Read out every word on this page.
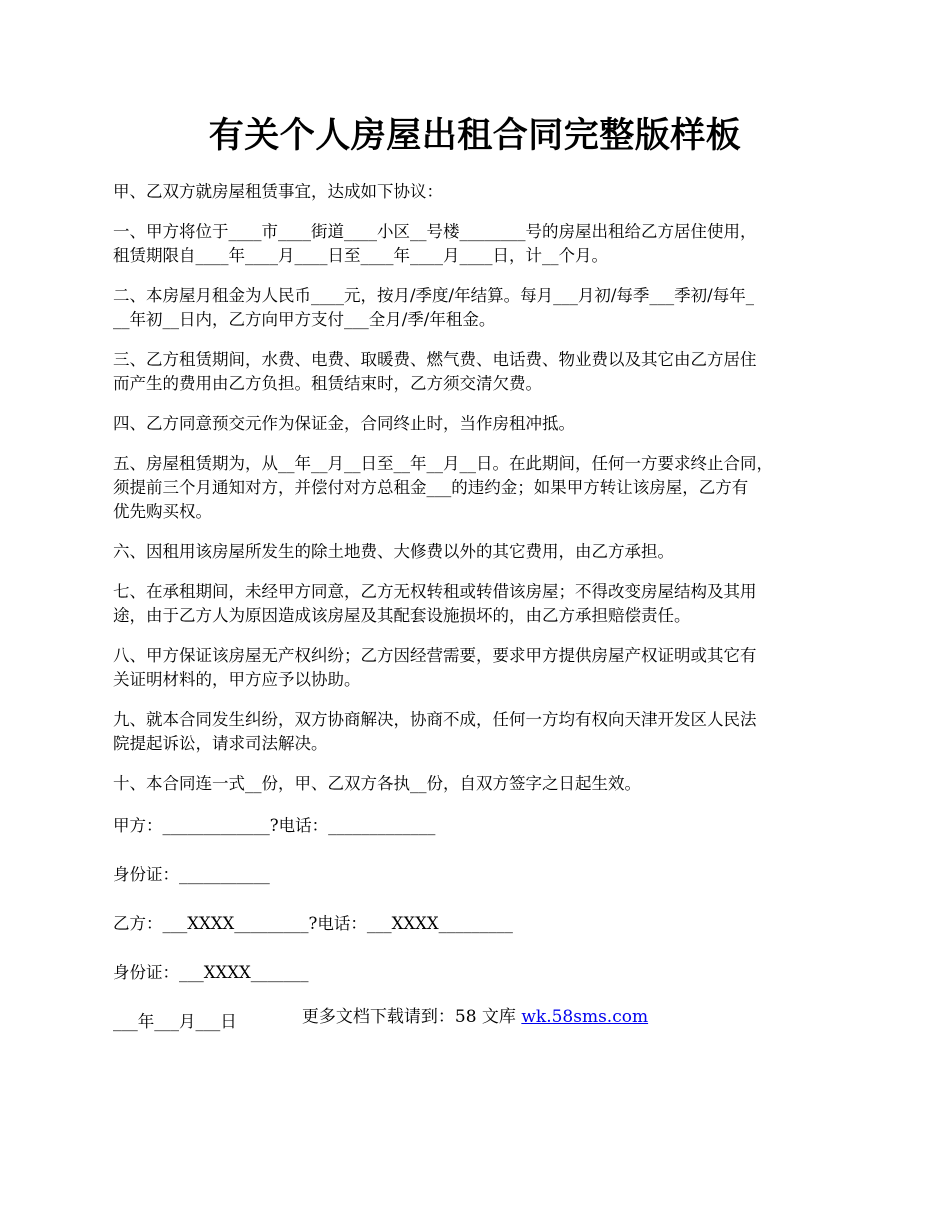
有关个人房屋出租合同完整版样板

甲、乙双方就房屋租赁事宜，达成如下协议：

一、甲方将位于____市____街道____小区__号楼________号的房屋出租给乙方居住使用，
租赁期限自____年____月____日至____年____月____日，计__个月。

二、本房屋月租金为人民币____元，按月/季度/年结算。每月___月初/每季___季初/每年_
__年初__日内，乙方向甲方支付___全月/季/年租金。

三、乙方租赁期间，水费、电费、取暖费、燃气费、电话费、物业费以及其它由乙方居住
而产生的费用由乙方负担。租赁结束时，乙方须交清欠费。

四、乙方同意预交元作为保证金，合同终止时，当作房租冲抵。

五、房屋租赁期为，从__年__月__日至__年__月__日。在此期间，任何一方要求终止合同，
须提前三个月通知对方，并偿付对方总租金___的违约金；如果甲方转让该房屋，乙方有
优先购买权。

六、因租用该房屋所发生的除土地费、大修费以外的其它费用，由乙方承担。

七、在承租期间，未经甲方同意，乙方无权转租或转借该房屋；不得改变房屋结构及其用
途，由于乙方人为原因造成该房屋及其配套设施损坏的，由乙方承担赔偿责任。

八、甲方保证该房屋无产权纠纷；乙方因经营需要，要求甲方提供房屋产权证明或其它有
关证明材料的，甲方应予以协助。

九、就本合同发生纠纷，双方协商解决，协商不成，任何一方均有权向天津开发区人民法
院提起诉讼，请求司法解决。

十、本合同连一式__份，甲、乙双方各执__份，自双方签字之日起生效。

甲方：_____________?电话：_____________

身份证：___________

乙方：___XXXX_________?电话：___XXXX_________

身份证：___XXXX_______

___年___月___日	更多文档下载请到：58 文库 wk.58sms.com
